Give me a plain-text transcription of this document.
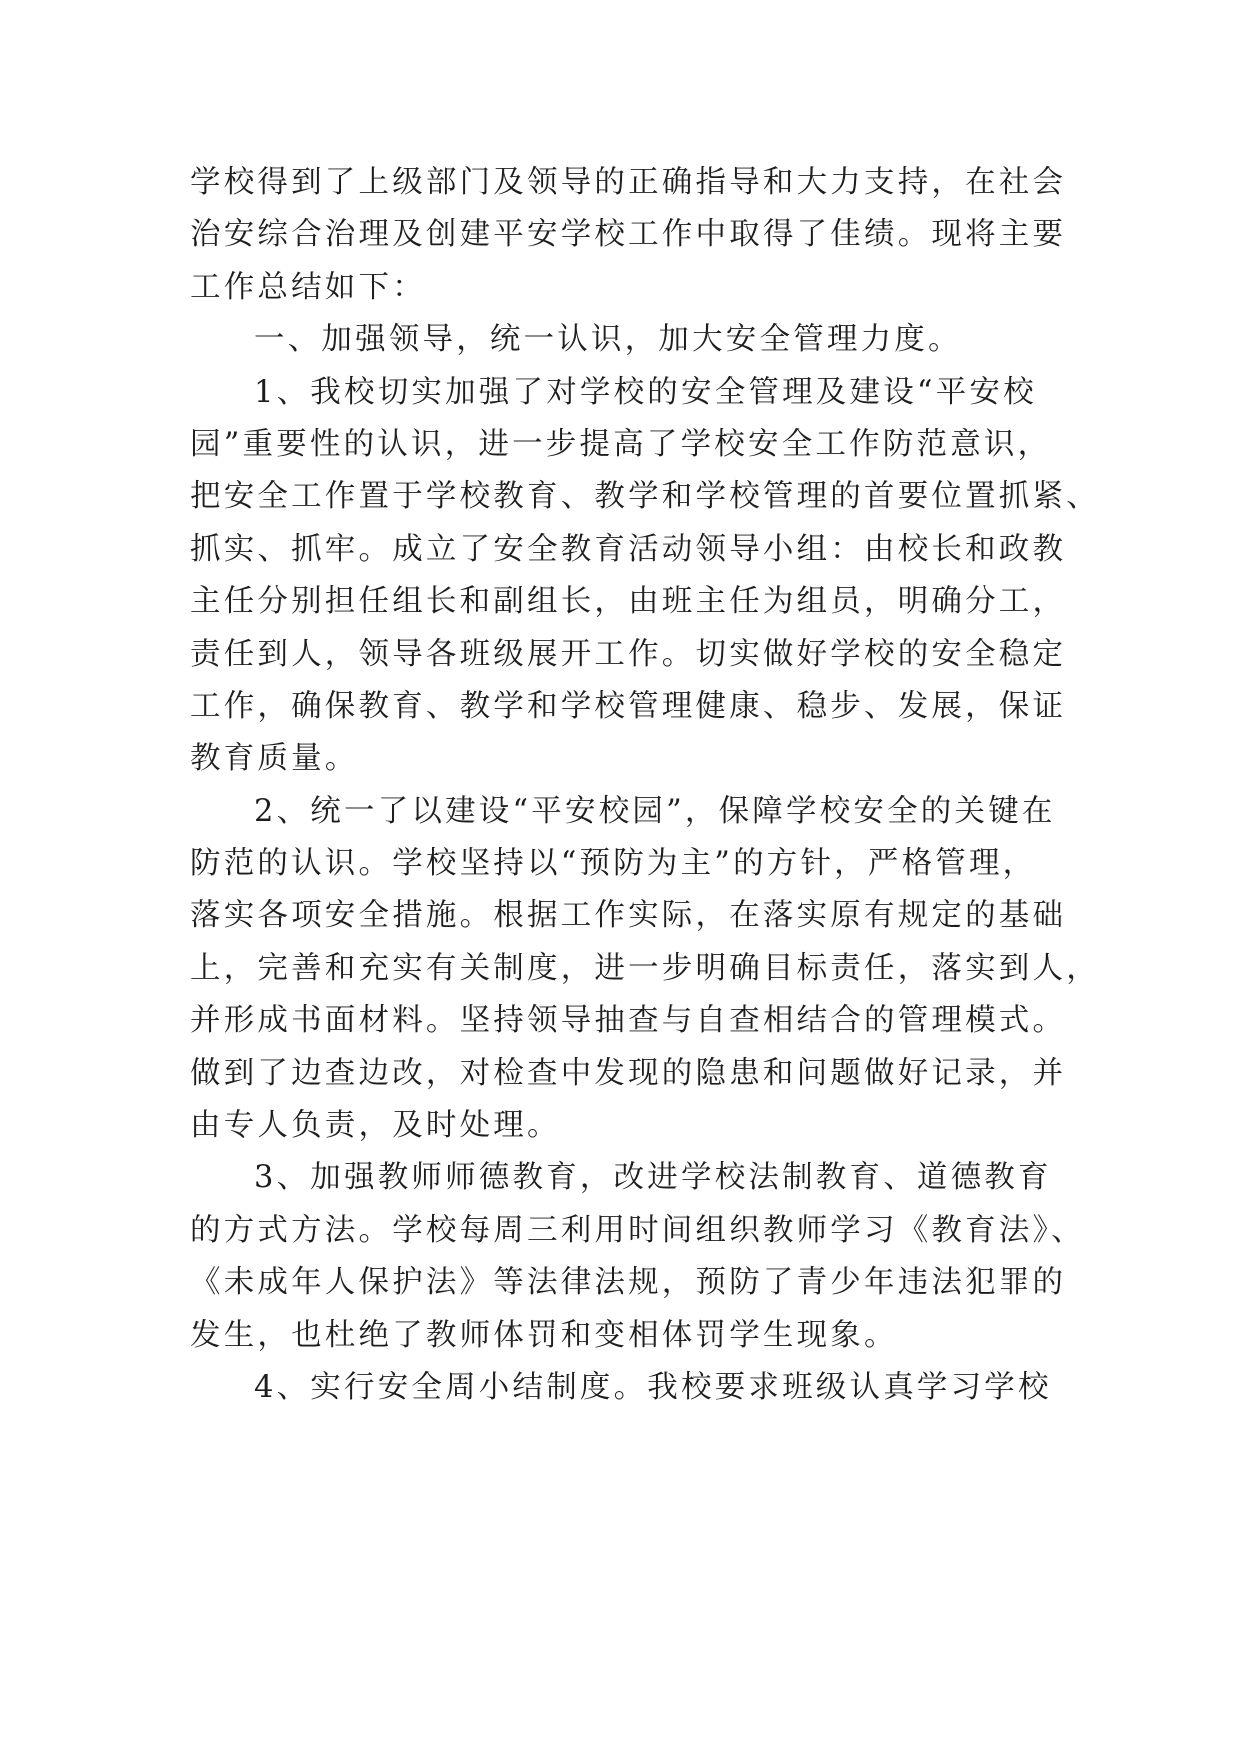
学校得到了上级部门及领导的正确指导和大力支持，在社会
治安综合治理及创建平安学校工作中取得了佳绩。现将主要
工作总结如下：
一、加强领导，统一认识，加大安全管理力度。
1、我校切实加强了对学校的安全管理及建设“平安校
园”重要性的认识，进一步提高了学校安全工作防范意识，
把安全工作置于学校教育、教学和学校管理的首要位置抓紧、
抓实、抓牢。成立了安全教育活动领导小组：由校长和政教
主任分别担任组长和副组长，由班主任为组员，明确分工，
责任到人，领导各班级展开工作。切实做好学校的安全稳定
工作，确保教育、教学和学校管理健康、稳步、发展，保证
教育质量。
2、统一了以建设“平安校园”，保障学校安全的关键在
防范的认识。学校坚持以“预防为主”的方针，严格管理，
落实各项安全措施。根据工作实际，在落实原有规定的基础
上，完善和充实有关制度，进一步明确目标责任，落实到人，
并形成书面材料。坚持领导抽查与自查相结合的管理模式。
做到了边查边改，对检查中发现的隐患和问题做好记录，并
由专人负责，及时处理。
3、加强教师师德教育，改进学校法制教育、道德教育
的方式方法。学校每周三利用时间组织教师学习《教育法》、
《未成年人保护法》等法律法规，预防了青少年违法犯罪的
发生，也杜绝了教师体罚和变相体罚学生现象。
4、实行安全周小结制度。我校要求班级认真学习学校
